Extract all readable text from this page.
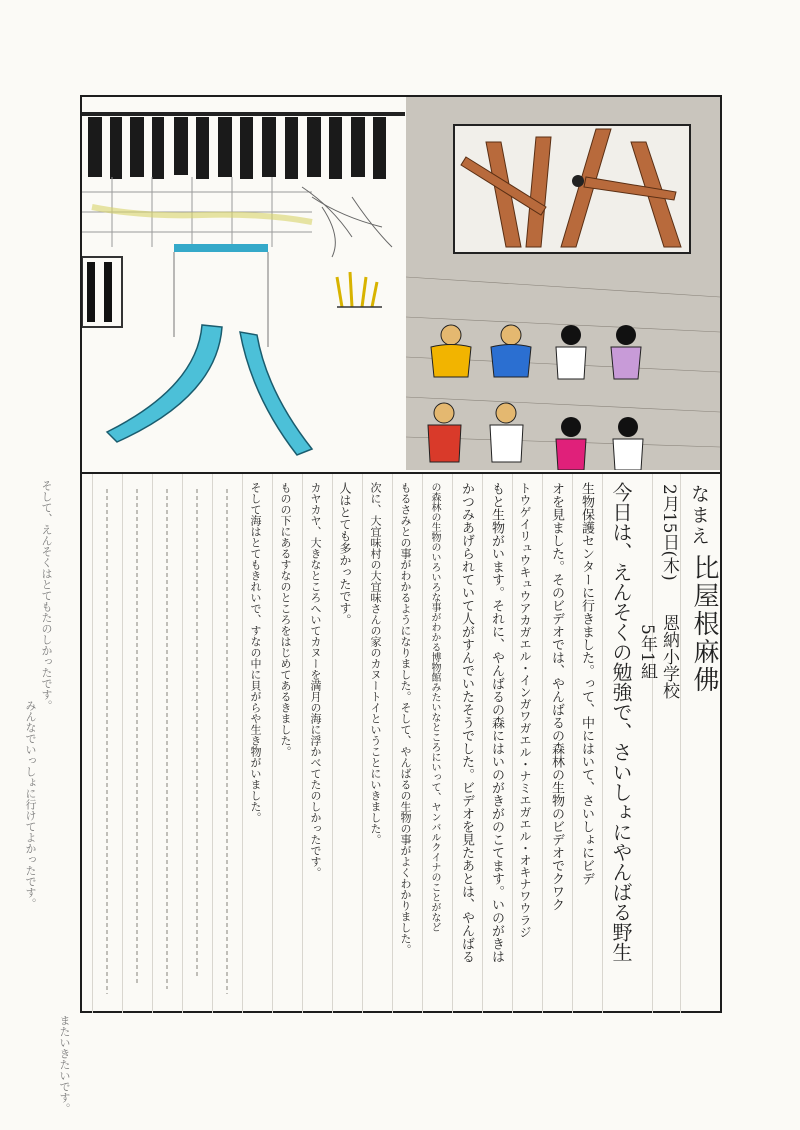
なまえ
比屋根麻佛
恩納小学校
5年1組
2月15日(木)
今日は、えんそくの勉強で、さいしょにやんばる野生
生物保護センターに行きました。って、中にはいて、さいしょにビデ
オを見ました。そのビデオでは、やんばるの森林の生物のビデオでクワク
トウゲイリュウキュウアカガエル・インガワガエル・ナミエガエル・オキナワウラジ
もと生物がいます。それに、やんばるの森にはいのがきがのこてます。いのがきは
かつみあげられていて人がすんでいたそうでした。ビデオを見たあとは、やんばる
の森林の生物のいろいろな事がわかる博物館みたいなところにいって、ヤンバルクイナのことがなど
もるさみとの事がわかるようになりました。そして、やんばるの生物の事がよくわかりました。
次に、大宜味村の大宜味さんの家のカヌートイということにいきました。
人はとても多かったです。
カヤカヤ、大きなところへいてカヌーを満月の海に浮かべてたのしかったです。
ものの下にあるすなのところをはじめてあるきました。
そして海はとてもきれいで、すなの中に貝がらや生き物がいました。
そして、えんそくはとてもたのしかったです。
みんなでいっしょに行けてよかったです。
またいきたいです。
